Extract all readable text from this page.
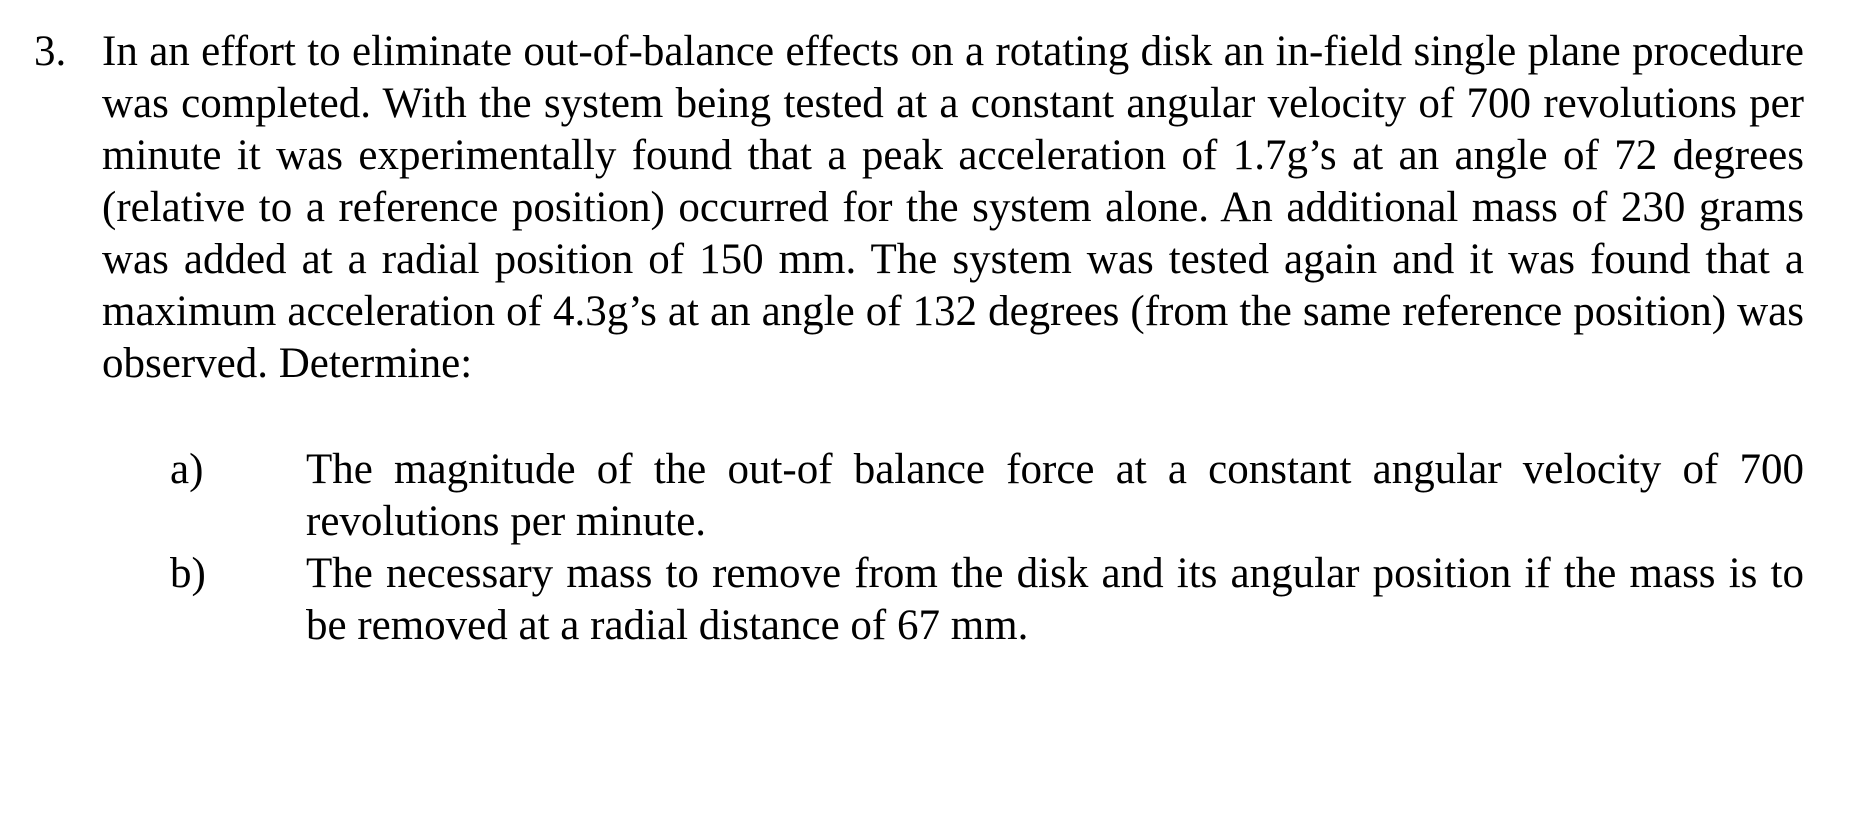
3. In an effort to eliminate out-of-balance effects on a rotating disk an in-field single plane procedure was completed. With the system being tested at a constant angular velocity of 700 revolutions per minute it was experimentally found that a peak acceleration of 1.7g’s at an angle of 72 degrees (relative to a reference position) occurred for the system alone. An additional mass of 230 grams was added at a radial position of 150 mm. The system was tested again and it was found that a maximum acceleration of 4.3g’s at an angle of 132 degrees (from the same reference position) was observed. Determine:
a)	The magnitude of the out-of balance force at a constant angular velocity of 700 revolutions per minute.
b)	The necessary mass to remove from the disk and its angular position if the mass is to be removed at a radial distance of 67 mm.
